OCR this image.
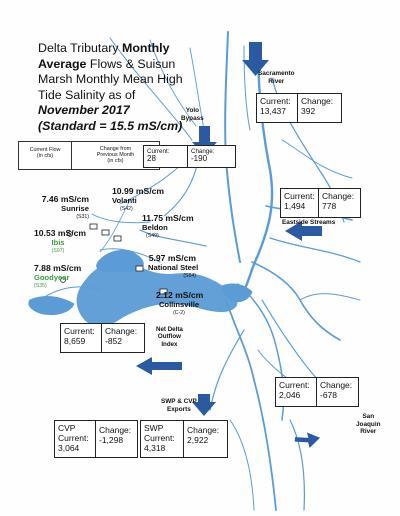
Delta Tributary Monthly
Average Flows & Suisun
Marsh Monthly Mean High
Tide Salinity as of
November 2017
(Standard = 15.5 mS/cm)
Current Flow
(in cfs)
Change from
Previous Month
(in cfs)
Yolo
Bypass
Current:
28
Change:
-190
Sacramento
River
Current:
13,437
Change:
392
Current:
1,494
Change:
778
Eastside Streams
Current:
8,659
Change:
-852
Net Delta
Outflow
Index
Current:
2,046
Change:
-678
San
Joaquin
River
SWP & CVP
Exports
CVP
Current:
3,064
Change:
-1,298
SWP
Current:
4,318
Change:
2,922
7.46 mS/cm
Sunrise
(S31)
10.99 mS/cm
Volanti
(S42)
10.53 mS/cm
Ibis
(S97)
11.75 mS/cm
Beldon
(S49)
5.97 mS/cm
National Steel
(S64)
7.88 mS/cm
Goodyear
(S35)
2.12 mS/cm
Collinsville
(C-2)
